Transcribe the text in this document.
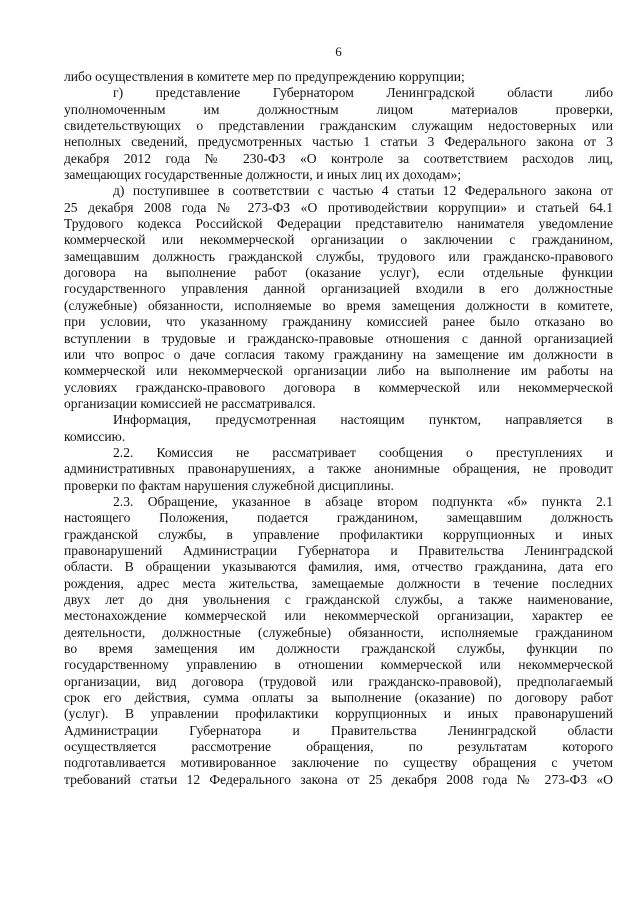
6
либо осуществления в комитете мер по предупреждению коррупции;
г) представление Губернатором Ленинградской области либо
уполномоченным им должностным лицом материалов проверки,
свидетельствующих о представлении гражданским служащим недостоверных или
неполных сведений, предусмотренных частью 1 статьи 3 Федерального закона от 3
декабря 2012 года № 230-ФЗ «О контроле за соответствием расходов лиц,
замещающих государственные должности, и иных лиц их доходам»;
д) поступившее в соответствии с частью 4 статьи 12 Федерального закона от
25 декабря 2008 года № 273-ФЗ «О противодействии коррупции» и статьей 64.1
Трудового кодекса Российской Федерации представителю нанимателя уведомление
коммерческой или некоммерческой организации о заключении с гражданином,
замещавшим должность гражданской службы, трудового или гражданско-правового
договора на выполнение работ (оказание услуг), если отдельные функции
государственного управления данной организацией входили в его должностные
(служебные) обязанности, исполняемые во время замещения должности в комитете,
при условии, что указанному гражданину комиссией ранее было отказано во
вступлении в трудовые и гражданско-правовые отношения с данной организацией
или что вопрос о даче согласия такому гражданину на замещение им должности в
коммерческой или некоммерческой организации либо на выполнение им работы на
условиях гражданско-правового договора в коммерческой или некоммерческой
организации комиссией не рассматривался.
Информация, предусмотренная настоящим пунктом, направляется в
комиссию.
2.2. Комиссия не рассматривает сообщения о преступлениях и
административных правонарушениях, а также анонимные обращения, не проводит
проверки по фактам нарушения служебной дисциплины.
2.3. Обращение, указанное в абзаце втором подпункта «б» пункта 2.1
настоящего Положения, подается гражданином, замещавшим должность
гражданской службы, в управление профилактики коррупционных и иных
правонарушений Администрации Губернатора и Правительства Ленинградской
области. В обращении указываются фамилия, имя, отчество гражданина, дата его
рождения, адрес места жительства, замещаемые должности в течение последних
двух лет до дня увольнения с гражданской службы, а также наименование,
местонахождение коммерческой или некоммерческой организации, характер ее
деятельности, должностные (служебные) обязанности, исполняемые гражданином
во время замещения им должности гражданской службы, функции по
государственному управлению в отношении коммерческой или некоммерческой
организации, вид договора (трудовой или гражданско-правовой), предполагаемый
срок его действия, сумма оплаты за выполнение (оказание) по договору работ
(услуг). В управлении профилактики коррупционных и иных правонарушений
Администрации Губернатора и Правительства Ленинградской области
осуществляется рассмотрение обращения, по результатам которого
подготавливается мотивированное заключение по существу обращения с учетом
требований статьи 12 Федерального закона от 25 декабря 2008 года № 273-ФЗ «О
